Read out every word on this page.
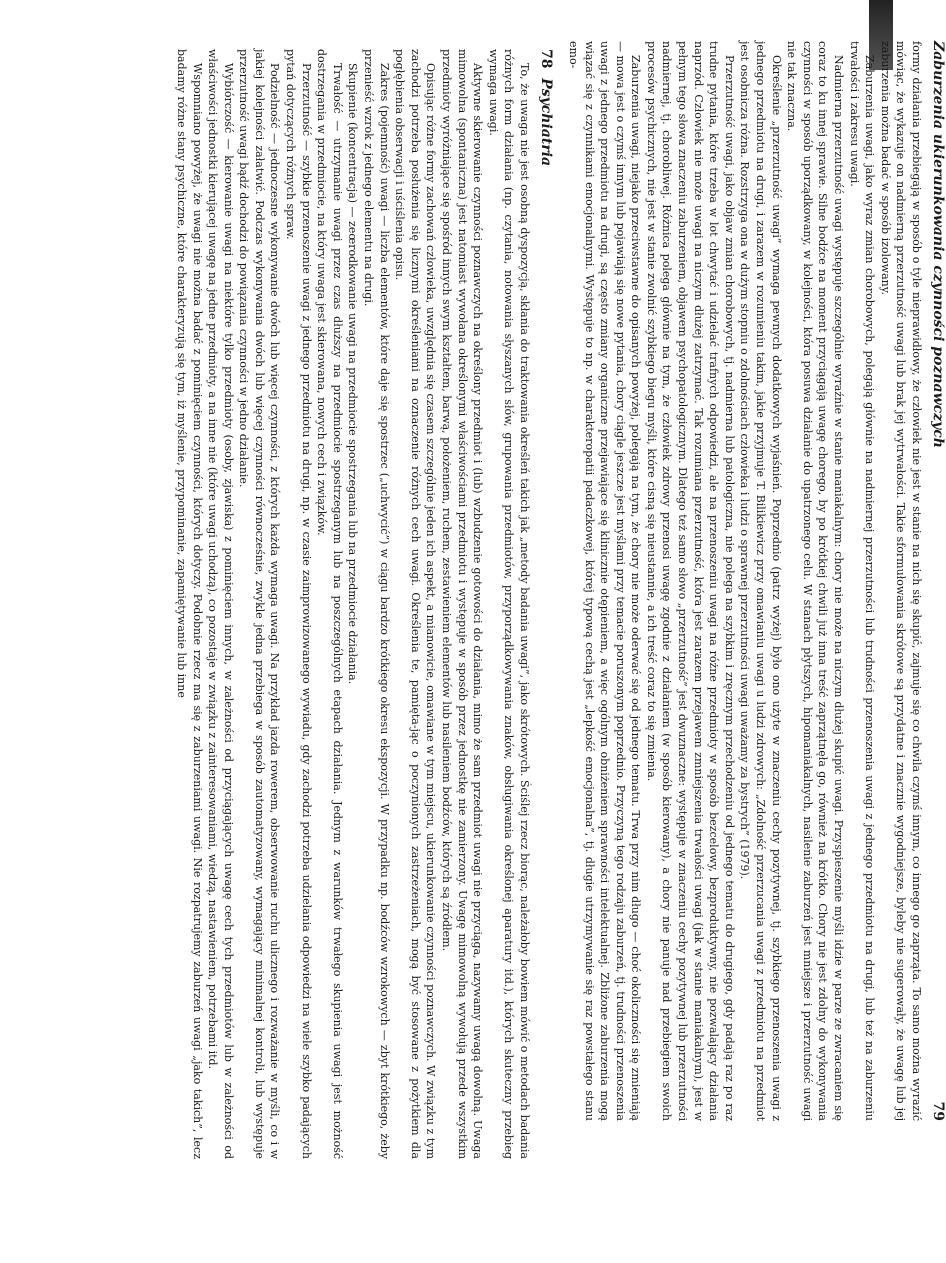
78  Psychiatria

To, że uwaga nie jest osobną dyspozycją, skłania do traktowania określeń takich jak „metody badania uwagi”, jako skrótowych. Ściślej rzecz biorąc, należałoby bowiem mówić o metodach badania różnych form działania (np. czytania, notowania słyszanych słów, grupowania przedmiotów, przyporządkowywania znaków, obsługiwania określonej aparatury itd.), których skuteczny przebieg wymaga uwagi.

Aktywne skierowanie czynności poznawczych na określony przedmiot i (lub) wzbudzenie gotowości do działania, mimo że sam przedmiot uwagi nie przyciąga, nazywamy uwagą dowolną. Uwaga mimowolna (spontaniczna) jest natomiast wywołana określonymi właściwościami przedmiotu i występuje w sposób przez jednostkę nie zamierzony. Uwagę mimowolną wywołują przede wszystkim przedmioty wyróżniające się spośród innych swym kształtem, barwą, położeniem, ruchem, zestawieniem elementów lub nasileniem bodźców, których są źródłem.

Opisując różne formy zachowań człowieka, uwzględnia się czasem szczególnie jeden ich aspekt, a mianowicie, omawiane w tym miejscu, ukierunkowanie czynności poznawczych. W związku z tym zachodzi potrzeba posłużenia się licznymi określeniami na oznaczenie różnych cech uwagi. Określenia te, pamięta-jąc o poczynionych zastrzeżeniach, mogą być stosowane z pożytkiem dla pogłębienia obserwacji i uściślenia opisu.

Zakres (pojemność) uwagi — liczba elementów, które daje się spostrzec („uchwycić”) w ciągu bardzo krótkiego okresu ekspozycji. W przypadku np. bodźców wzrokowych — zbyt krótkiego, żeby przenieść wzrok z jednego elementu na drugi.

Skupienie (koncentracja) — zeœrodkowanie uwagi na przedmiocie spostrzegania lub na przedmiocie działania.

Trwałość — utrzymanie uwagi przez czas dłuższy na przedmiocie spostrzeganym lub na poszczególnych etapach działania. Jednym z warunków trwałego skupienia uwagi jest możność dostrzegania w przedmiocie, na który uwaga jest skierowana, nowych cech i związków.

Przerzutność — szybkie przenoszenie uwagi z jednego przedmiotu na drugi, np. w czasie zaimprowizowanego wywiadu, gdy zachodzi potrzeba udzielania odpowiedzi na wiele szybko padających pytań dotyczących różnych spraw.

Podzielność — jednoczesne wykonywanie dwóch lub więcej czynności, z których każda wymaga uwagi. Na przykład jazda rowerem, obserwowanie ruchu ulicznego i rozważanie w myśli, co i w jakiej kolejności załatwić. Podczas wykonywania dwóch lub więcej czynności równocześnie, zwykle jedna przebiega w sposób zautomatyzowany, wymagający minimalnej kontroli, lub występuje przerzutność uwagi bądź dochodzi do powiązania czynności w jedno działanie.

Wybiórczość — kierowanie uwagi na niektóre tylko przedmioty (osoby, zjawiska) z pominięciem innych, w zależności od przyciągających uwagę cech tych przedmiotów lub w zależności od właściwości jednostki kierującej uwagę na jedne przedmioty, a na inne nie (które uwagi uchodzą), co pozostaje w związku z zainteresowaniami, wiedzą, nastawieniem, potrzebami itd.

Wspomniano powyżej, że uwagi nie można badać z pominięciem czynności, których dotyczy. Podobnie rzecz ma się z zaburzeniami uwagi. Nie rozpatrujemy zaburzeń uwagi „jako takich”, lecz badamy różne stany psychiczne, które charakteryzują się tym, iż myślenie, przypominanie, zapamiętywanie lub inne	Zaburzenia ukierunkowania czynności poznawczych
79

formy działania przebiegają w sposób o tyle nieprawidłowy, że człowiek nie jest w stanie na nich się skupić, zajmuje się co chwila czymś innym, co innego go zaprząta. To samo można wyrazić mówiąc, że wykazuje on nadmierną przerzutność uwagi lub brak jej wytrwałości. Takie sformułowania skrótowe są przydatne i znacznie wygodniejsze, byleby nie sugerowały, że uwagę lub jej zaburzenia można badać w sposób izolowany.

Zaburzenia uwagi, jako wyraz zmian chorobowych, polegają głównie na nadmiernej przerzutności lub trudności przenoszenia uwagi z jednego przedmiotu na drugi, lub też na zaburzeniu trwałości i zakresu uwagi.

Nadmierna przerzutność uwagi występuje szczególnie wyraźnie w stanie maniakalnym: chory nie może na niczym dłużej skupić uwagi. Przyspieszenie myśli idzie w parze ze zwracaniem się coraz to ku innej sprawie. Silne bodźce na moment przyciągają uwagę chorego, by po krótkiej chwili już inna treść zaprzątnęła go, również na krótko. Chory nie jest zdolny do wykonywania czynności w sposób uporządkowany, w kolejności, która posuwa działanie do upatrzonego celu. W stanach płytszych, hipomaniakalnych, nasilenie zaburzeń jest mniejsze i przerzutność uwagi nie tak znaczna.

Określenie „przerzutność uwagi” wymaga pewnych dodatkowych wyjaśnień. Poprzednio (patrz wyżej) było ono użyte w znaczeniu cechy pozytywnej, tj. szybkiego przenoszenia uwagi z jednego przedmiotu na drugi, i zarazem w rozumieniu takim, jakie przyjmuje T. Bilikiewicz przy omawianiu uwagi u ludzi zdrowych: „Zdolność przerzucania uwagi z przedmiotu na przedmiot jest osobnicza różna. Rozstrzyga ona w dużym stopniu o zdolnościach człowieka i ludzi o sprawnej przerzutności uwagi uważamy za bystrych” (1979).

Przerzutność uwagi, jako objaw zmian chorobowych, tj. nadmierna lub patologiczna, nie polega na szybkim i zręcznym przechodzeniu od jednego tematu do drugiego, gdy padają raz po raz trudne pytania, które trzeba w lot chwytać i udzielać trafnych odpowiedzi, ale na przenoszeniu uwagi na różne przedmioty w sposób bezcelowy, bezproduktywny, nie pozwalający działania naprzód. Człowiek nie może uwagi na niczym dłużej zatrzymać. Tak rozumiana przerzutność, która jest zarazem przejawem zmniejszenia trwałości uwagi (jak w stanie maniakalnym), jest w pełnym tego słowa znaczeniu zaburzeniem, objawem psychopatologicznym. Dlatego też samo słowo „przerzutność” jest dwuznaczne: występuje w znaczeniu cechy pozytywnej lub przerzutności nadmiernej, tj. chorobliwej. Różnica polega głównie na tym, że człowiek zdrowy przenosi uwagę zgodnie z działaniem (w sposób kierowany), a chory nie panuje nad przebiegiem swoich procesów psychicznych, nie jest w stanie zwolnić szybkiego biegu myśli, które cisną się nieustannie, a ich treść coraz to się zmienia.

Zaburzenia uwagi, niejako przeciwstawne do opisanych powyżej, polegają na tym, że chory nie może oderwać się od jednego tematu. Trwa przy nim długo — choć okoliczności się zmieniają — mowa jest o czymś innym lub pojawiają się nowe pytania, chory ciągle jeszcze jest myślami przy temacie poruszonym poprzednio. Przyczyną tego rodzaju zaburzeń, tj. trudności przenoszenia uwagi z jednego przedmiotu na drugi, są często zmiany organiczne przejawiające się klinicznie otępieniem, a więc ogólnym obniżeniem sprawności intelektualnej. Zbliżone zaburzenia mogą wiązać się z czynnikami emocjonalnymi. Występuje to np. w charakteropatii padaczkowej, której typową cechą jest „lepkość emocjonalna”, tj. długie utrzymywanie się raz powstałego stanu emo-
